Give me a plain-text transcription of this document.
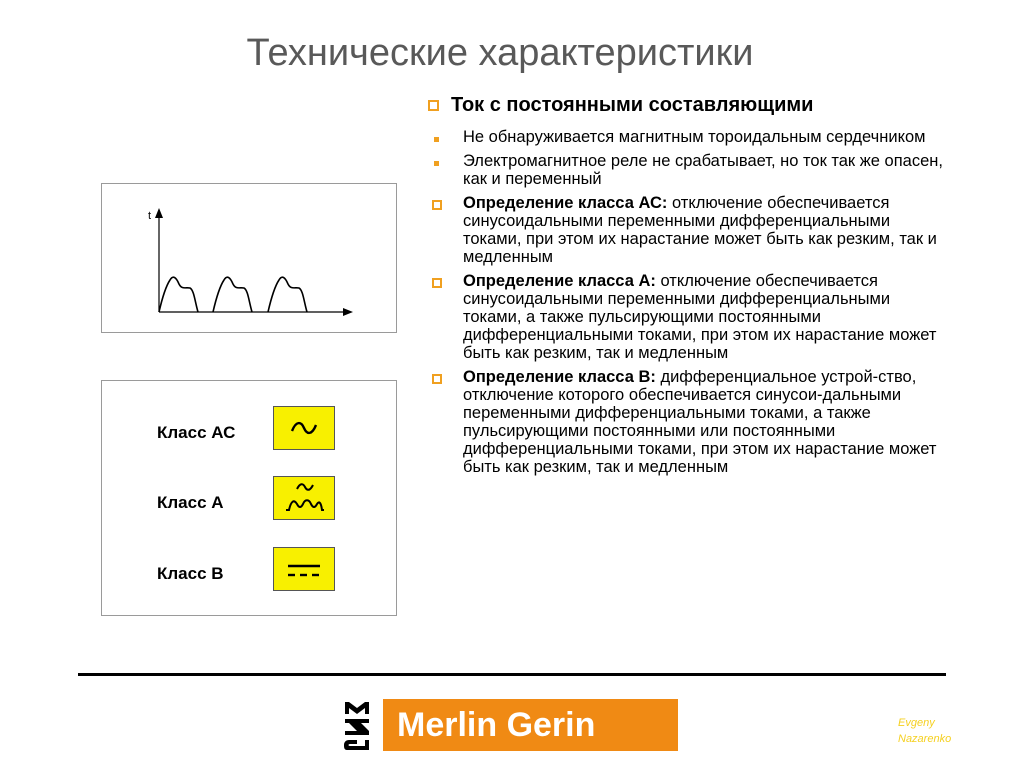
Технические характеристики
Ток с постоянными составляющими
Не обнаруживается магнитным тороидальным сердечником
Электромагнитное реле не срабатывает, но ток так же опасен, как и переменный
Определение класса АС: отключение обеспечивается синусоидальными переменными дифференциальными токами, при этом их нарастание может быть как резким, так и медленным
Определение класса А: отключение обеспечивается синусоидальными переменными дифференциальными токами, а также пульсирующими постоянными дифференциальными токами, при этом их нарастание может быть как резким, так и медленным
Определение класса В: дифференциальное устрой-ство, отключение которого обеспечивается синусои-дальными переменными дифференциальными токами, а также пульсирующими постоянными или постоянными дифференциальными токами, при этом их нарастание может быть как резким, так и медленным
t
Класс АС
Класс А
Класс В
Merlin Gerin	Evgeny
Nazarenko
